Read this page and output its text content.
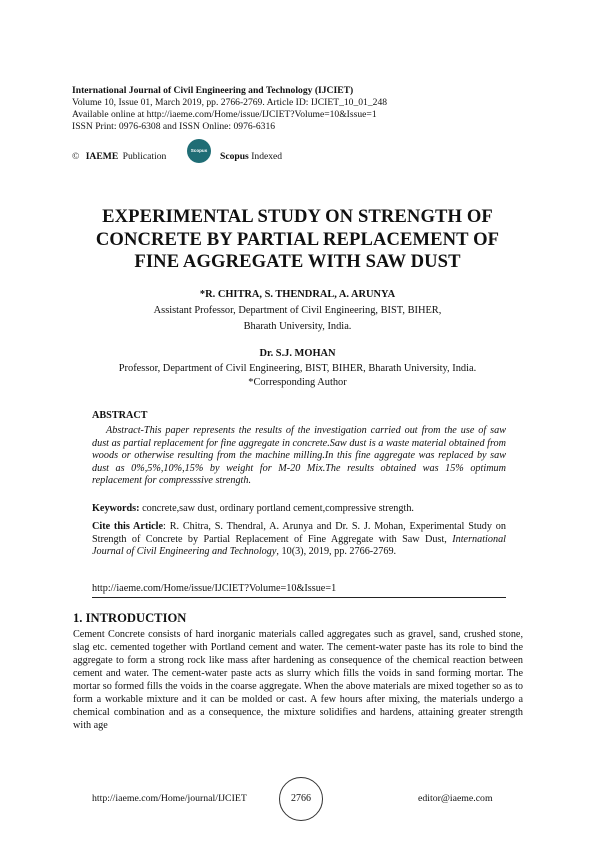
International Journal of Civil Engineering and Technology (IJCIET)
Volume 10, Issue 01, March 2019, pp. 2766-2769. Article ID: IJCIET_10_01_248
Available online at http://iaeme.com/Home/issue/IJCIET?Volume=10&Issue=1
ISSN Print: 0976-6308 and ISSN Online: 0976-6316
© IAEME Publication
Scopus
Scopus Indexed
EXPERIMENTAL STUDY ON STRENGTH OF
CONCRETE BY PARTIAL REPLACEMENT OF
FINE AGGREGATE WITH SAW DUST
*R. CHITRA, S. THENDRAL, A. ARUNYA
Assistant Professor, Department of Civil Engineering, BIST, BIHER,
Bharath University, India.
Dr. S.J. MOHAN
Professor, Department of Civil Engineering, BIST, BIHER, Bharath University, India.
*Corresponding Author
ABSTRACT
Abstract-This paper represents the results of the investigation carried out from the use of saw dust as partial replacement for fine aggregate in concrete.Saw dust is a waste material obtained from woods or otherwise resulting from the machine milling.In this fine aggregate was replaced by saw dust as 0%,5%,10%,15% by weight for M-20 Mix.The results obtained was 15% optimum replacement for compresssive strength.
Keywords: concrete,saw dust, ordinary portland cement,compressive strength.
Cite this Article: R. Chitra, S. Thendral, A. Arunya and Dr. S. J. Mohan, Experimental Study on Strength of Concrete by Partial Replacement of Fine Aggregate with Saw Dust, International Journal of Civil Engineering and Technology, 10(3), 2019, pp. 2766-2769.
http://iaeme.com/Home/issue/IJCIET?Volume=10&Issue=1
1. INTRODUCTION
Cement Concrete consists of hard inorganic materials called aggregates such as gravel, sand, crushed stone, slag etc. cemented together with Portland cement and water. The cement-water paste has its role to bind the aggregate to form a strong rock like mass after hardening as consequence of the chemical reaction between cement and water. The cement-water paste acts as slurry which fills the voids in sand forming mortar. The mortar so formed fills the voids in the coarse aggregate. When the above materials are mixed together so as to form a workable mixture and it can be molded or cast. A few hours after mixing, the materials undergo a chemical combination and as a consequence, the mixture solidifies and hardens, attaining greater strength with age
http://iaeme.com/Home/journal/IJCIET	2766	editor@iaeme.com
